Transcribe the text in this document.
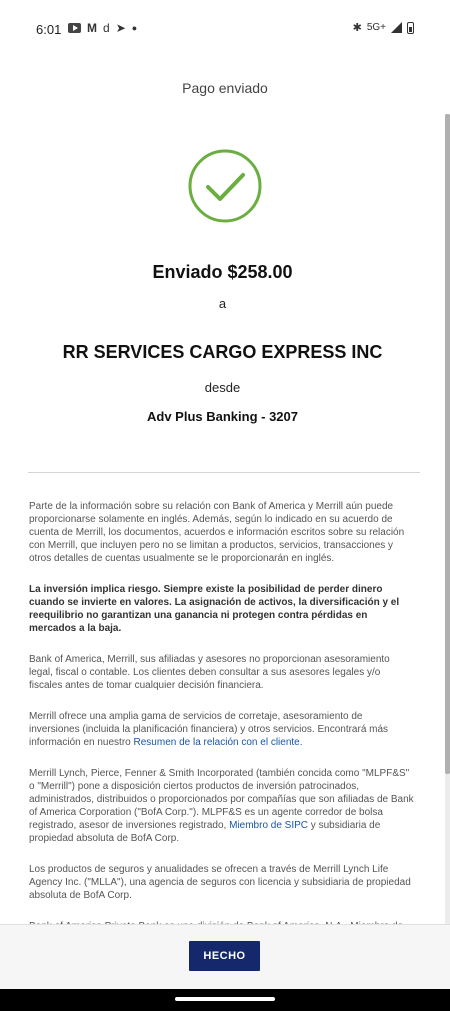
6:01 M d ➤ ●	✱ 5G+
Pago enviado
Enviado $258.00
a
RR SERVICES CARGO EXPRESS INC
desde
Adv Plus Banking - 3207

Parte de la información sobre su relación con Bank of America y Merrill aún puede proporcionarse solamente en inglés. Además, según lo indicado en su acuerdo de cuenta de Merrill, los documentos, acuerdos e información escritos sobre su relación con Merrill, que incluyen pero no se limitan a productos, servicios, transacciones y otros detalles de cuentas usualmente se le proporcionarán en inglés.

La inversión implica riesgo. Siempre existe la posibilidad de perder dinero cuando se invierte en valores. La asignación de activos, la diversificación y el reequilibrio no garantizan una ganancia ni protegen contra pérdidas en mercados a la baja.

Bank of America, Merrill, sus afiliadas y asesores no proporcionan asesoramiento legal, fiscal o contable. Los clientes deben consultar a sus asesores legales y/o fiscales antes de tomar cualquier decisión financiera.

Merrill ofrece una amplia gama de servicios de corretaje, asesoramiento de inversiones (incluida la planificación financiera) y otros servicios. Encontrará más información en nuestro Resumen de la relación con el cliente.

Merrill Lynch, Pierce, Fenner & Smith Incorporated (también concida como "MLPF&S" o "Merrill") pone a disposición ciertos productos de inversión patrocinados, administrados, distribuidos o proporcionados por compañías que son afiliadas de Bank of America Corporation ("BofA Corp."). MLPF&S es un agente corredor de bolsa registrado, asesor de inversiones registrado, Miembro de SIPC y subsidiaria de propiedad absoluta de BofA Corp.

Los productos de seguros y anualidades se ofrecen a través de Merrill Lynch Life Agency Inc. ("MLLA"), una agencia de seguros con licencia y subsidiaria de propiedad absoluta de BofA Corp.

HECHO
